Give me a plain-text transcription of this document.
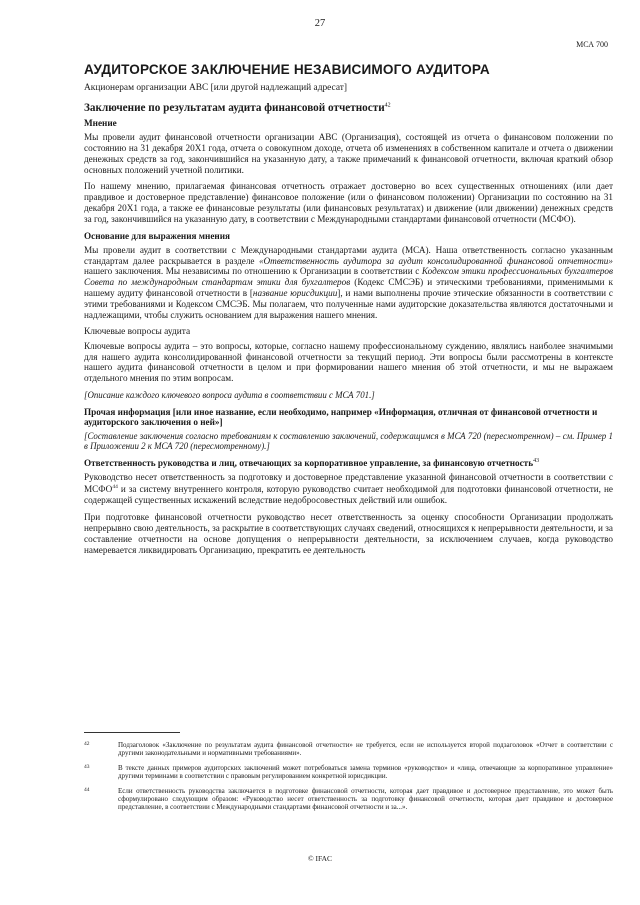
27
МСА 700
АУДИТОРСКОЕ ЗАКЛЮЧЕНИЕ НЕЗАВИСИМОГО АУДИТОРА
Акционерам организации АВС [или другой надлежащий адресат]
Заключение по результатам аудита финансовой отчетности$^{42}$
Мнение

Мы провели аудит финансовой отчетности организации АВС (Организация), состоящей из отчета о финансовом положении по состоянию на 31 декабря 20X1 года, отчета о совокупном доходе, отчета об изменениях в собственном капитале и отчета о движении денежных средств за год, закончившийся на указанную дату, а также примечаний к финансовой отчетности, включая краткий обзор основных положений учетной политики.

По нашему мнению, прилагаемая финансовая отчетность отражает достоверно во всех существенных отношениях (или дает правдивое и достоверное представление) финансовое положение (или о финансовом положении) Организации по состоянию на 31 декабря 20X1 года, а также ее финансовые результаты (или финансовых результатах) и движение (или движении) денежных средств за год, закончившийся на указанную дату, в соответствии с Международными стандартами финансовой отчетности (МСФО).

Основание для выражения мнения

Мы провели аудит в соответствии с Международными стандартами аудита (МСА). Наша ответственность согласно указанным стандартам далее раскрывается в разделе «Ответственность аудитора за аудит консолидированной финансовой отчетности» нашего заключения. Мы независимы по отношению к Организации в соответствии с Кодексом этики профессиональных бухгалтеров Совета по международным стандартам этики для бухгалтеров (Кодекс СМСЭБ) и этическими требованиями, применимыми к нашему аудиту финансовой отчетности в [название юрисдикции], и нами выполнены прочие этические обязанности в соответствии с этими требованиями и Кодексом СМСЭБ. Мы полагаем, что полученные нами аудиторские доказательства являются достаточными и надлежащими, чтобы служить основанием для выражения нашего мнения.

Ключевые вопросы аудита

Ключевые вопросы аудита – это вопросы, которые, согласно нашему профессиональному суждению, являлись наиболее значимыми для нашего аудита консолидированной финансовой отчетности за текущий период. Эти вопросы были рассмотрены в контексте нашего аудита финансовой отчетности в целом и при формировании нашего мнения об этой отчетности, и мы не выражаем отдельного мнения по этим вопросам.

[Описание каждого ключевого вопроса аудита в соответствии с МСА 701.]

Прочая информация [или иное название, если необходимо, например «Информация, отличная от финансовой отчетности и аудиторского заключения о ней»]

[Составление заключения согласно требованиям к составлению заключений, содержащимся в МСА 720 (пересмотренном) – см. Пример 1 в Приложении 2 к МСА 720 (пересмотренному).]

Ответственность руководства и лиц, отвечающих за корпоративное управление, за финансовую отчетность$^{43}$

Руководство несет ответственность за подготовку и достоверное представление указанной финансовой отчетности в соответствии с МСФО$^{44}$ и за систему внутреннего контроля, которую руководство считает необходимой для подготовки финансовой отчетности, не содержащей существенных искажений вследствие недобросовестных действий или ошибок.

При подготовке финансовой отчетности руководство несет ответственность за оценку способности Организации продолжать непрерывно свою деятельность, за раскрытие в соответствующих случаях сведений, относящихся к непрерывности деятельности, и за составление отчетности на основе допущения о непрерывности деятельности, за исключением случаев, когда руководство намеревается ликвидировать Организацию, прекратить ее деятельность

42	Подзаголовок «Заключение по результатам аудита финансовой отчетности» не требуется, если не используется второй подзаголовок «Отчет в соответствии с другими законодательными и нормативными требованиями».
43	В тексте данных примеров аудиторских заключений может потребоваться замена терминов «руководство» и «лица, отвечающие за корпоративное управление» другими терминами в соответствии с правовым регулированием конкретной юрисдикции.
44	Если ответственность руководства заключается в подготовке финансовой отчетности, которая дает правдивое и достоверное представление, это может быть сформулировано следующим образом: «Руководство несет ответственность за подготовку финансовой отчетности, которая дает правдивое и достоверное представление, в соответствии с Международными стандартами финансовой отчетности и за...».
© IFAC
